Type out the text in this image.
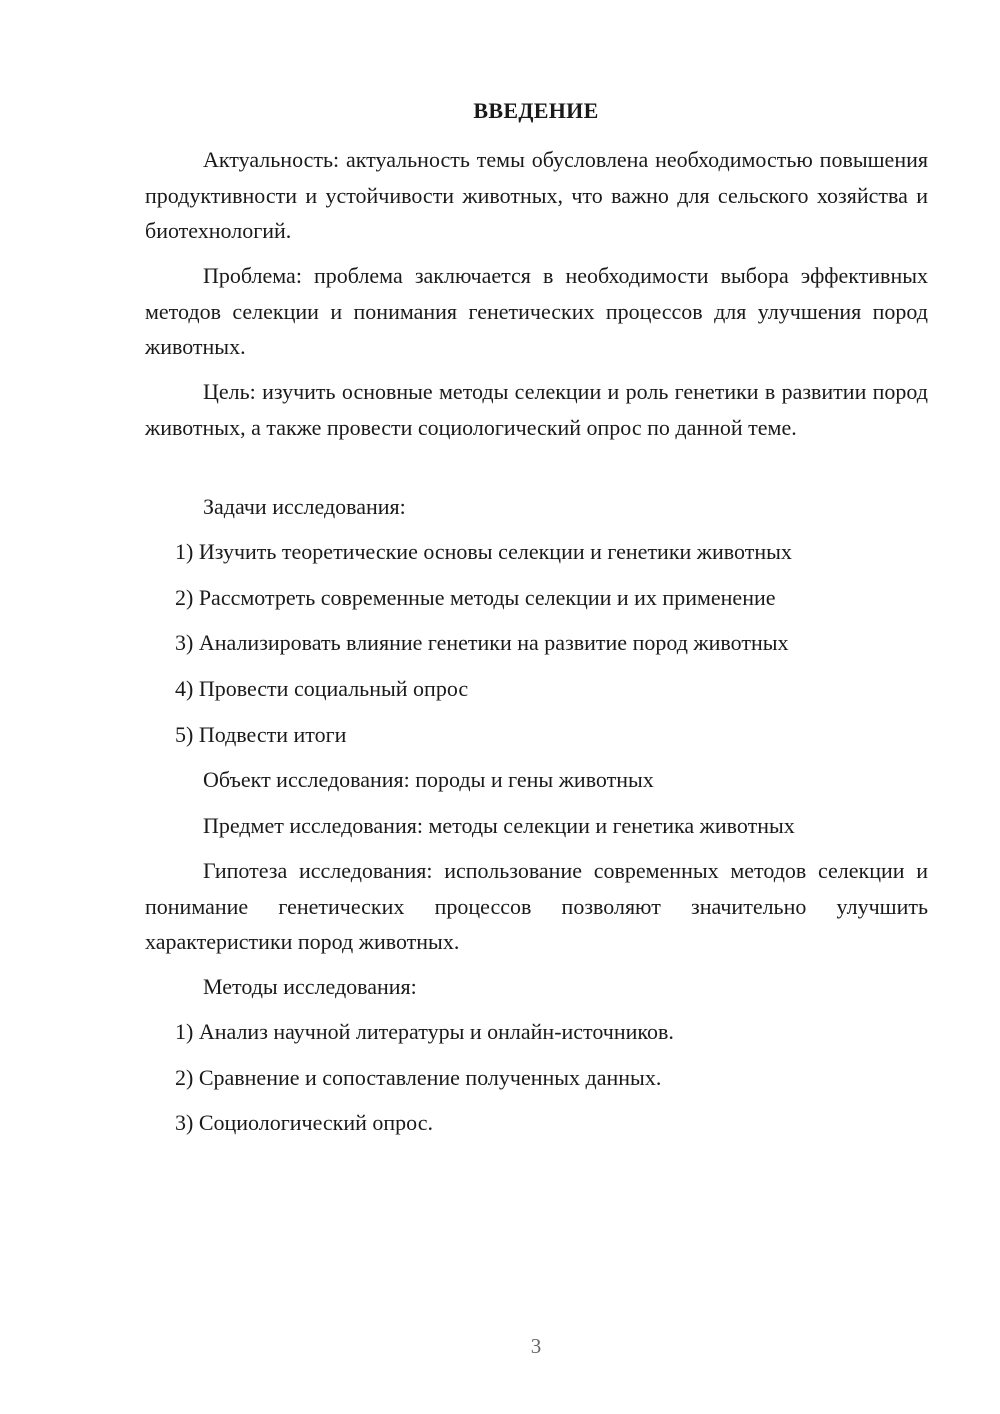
ВВЕДЕНИЕ

Актуальность: актуальность темы обусловлена необходимостью повышения продуктивности и устойчивости животных, что важно для сельского хозяйства и биотехнологий.

Проблема: проблема заключается в необходимости выбора эффективных методов селекции и понимания генетических процессов для улучшения пород животных.

Цель: изучить основные методы селекции и роль генетики в развитии пород животных, а также провести социологический опрос по данной теме.

Задачи исследования:

1) Изучить теоретические основы селекции и генетики животных

2) Рассмотреть современные методы селекции и их применение

3) Анализировать влияние генетики на развитие пород животных

4) Провести социальный опрос

5) Подвести итоги

Объект исследования: породы и гены животных

Предмет исследования: методы селекции и генетика животных

Гипотеза исследования: использование современных методов селекции и понимание генетических процессов позволяют значительно улучшить характеристики пород животных.

Методы исследования:

1) Анализ научной литературы и онлайн-источников.

2) Сравнение и сопоставление полученных данных.

3) Социологический опрос.

3
